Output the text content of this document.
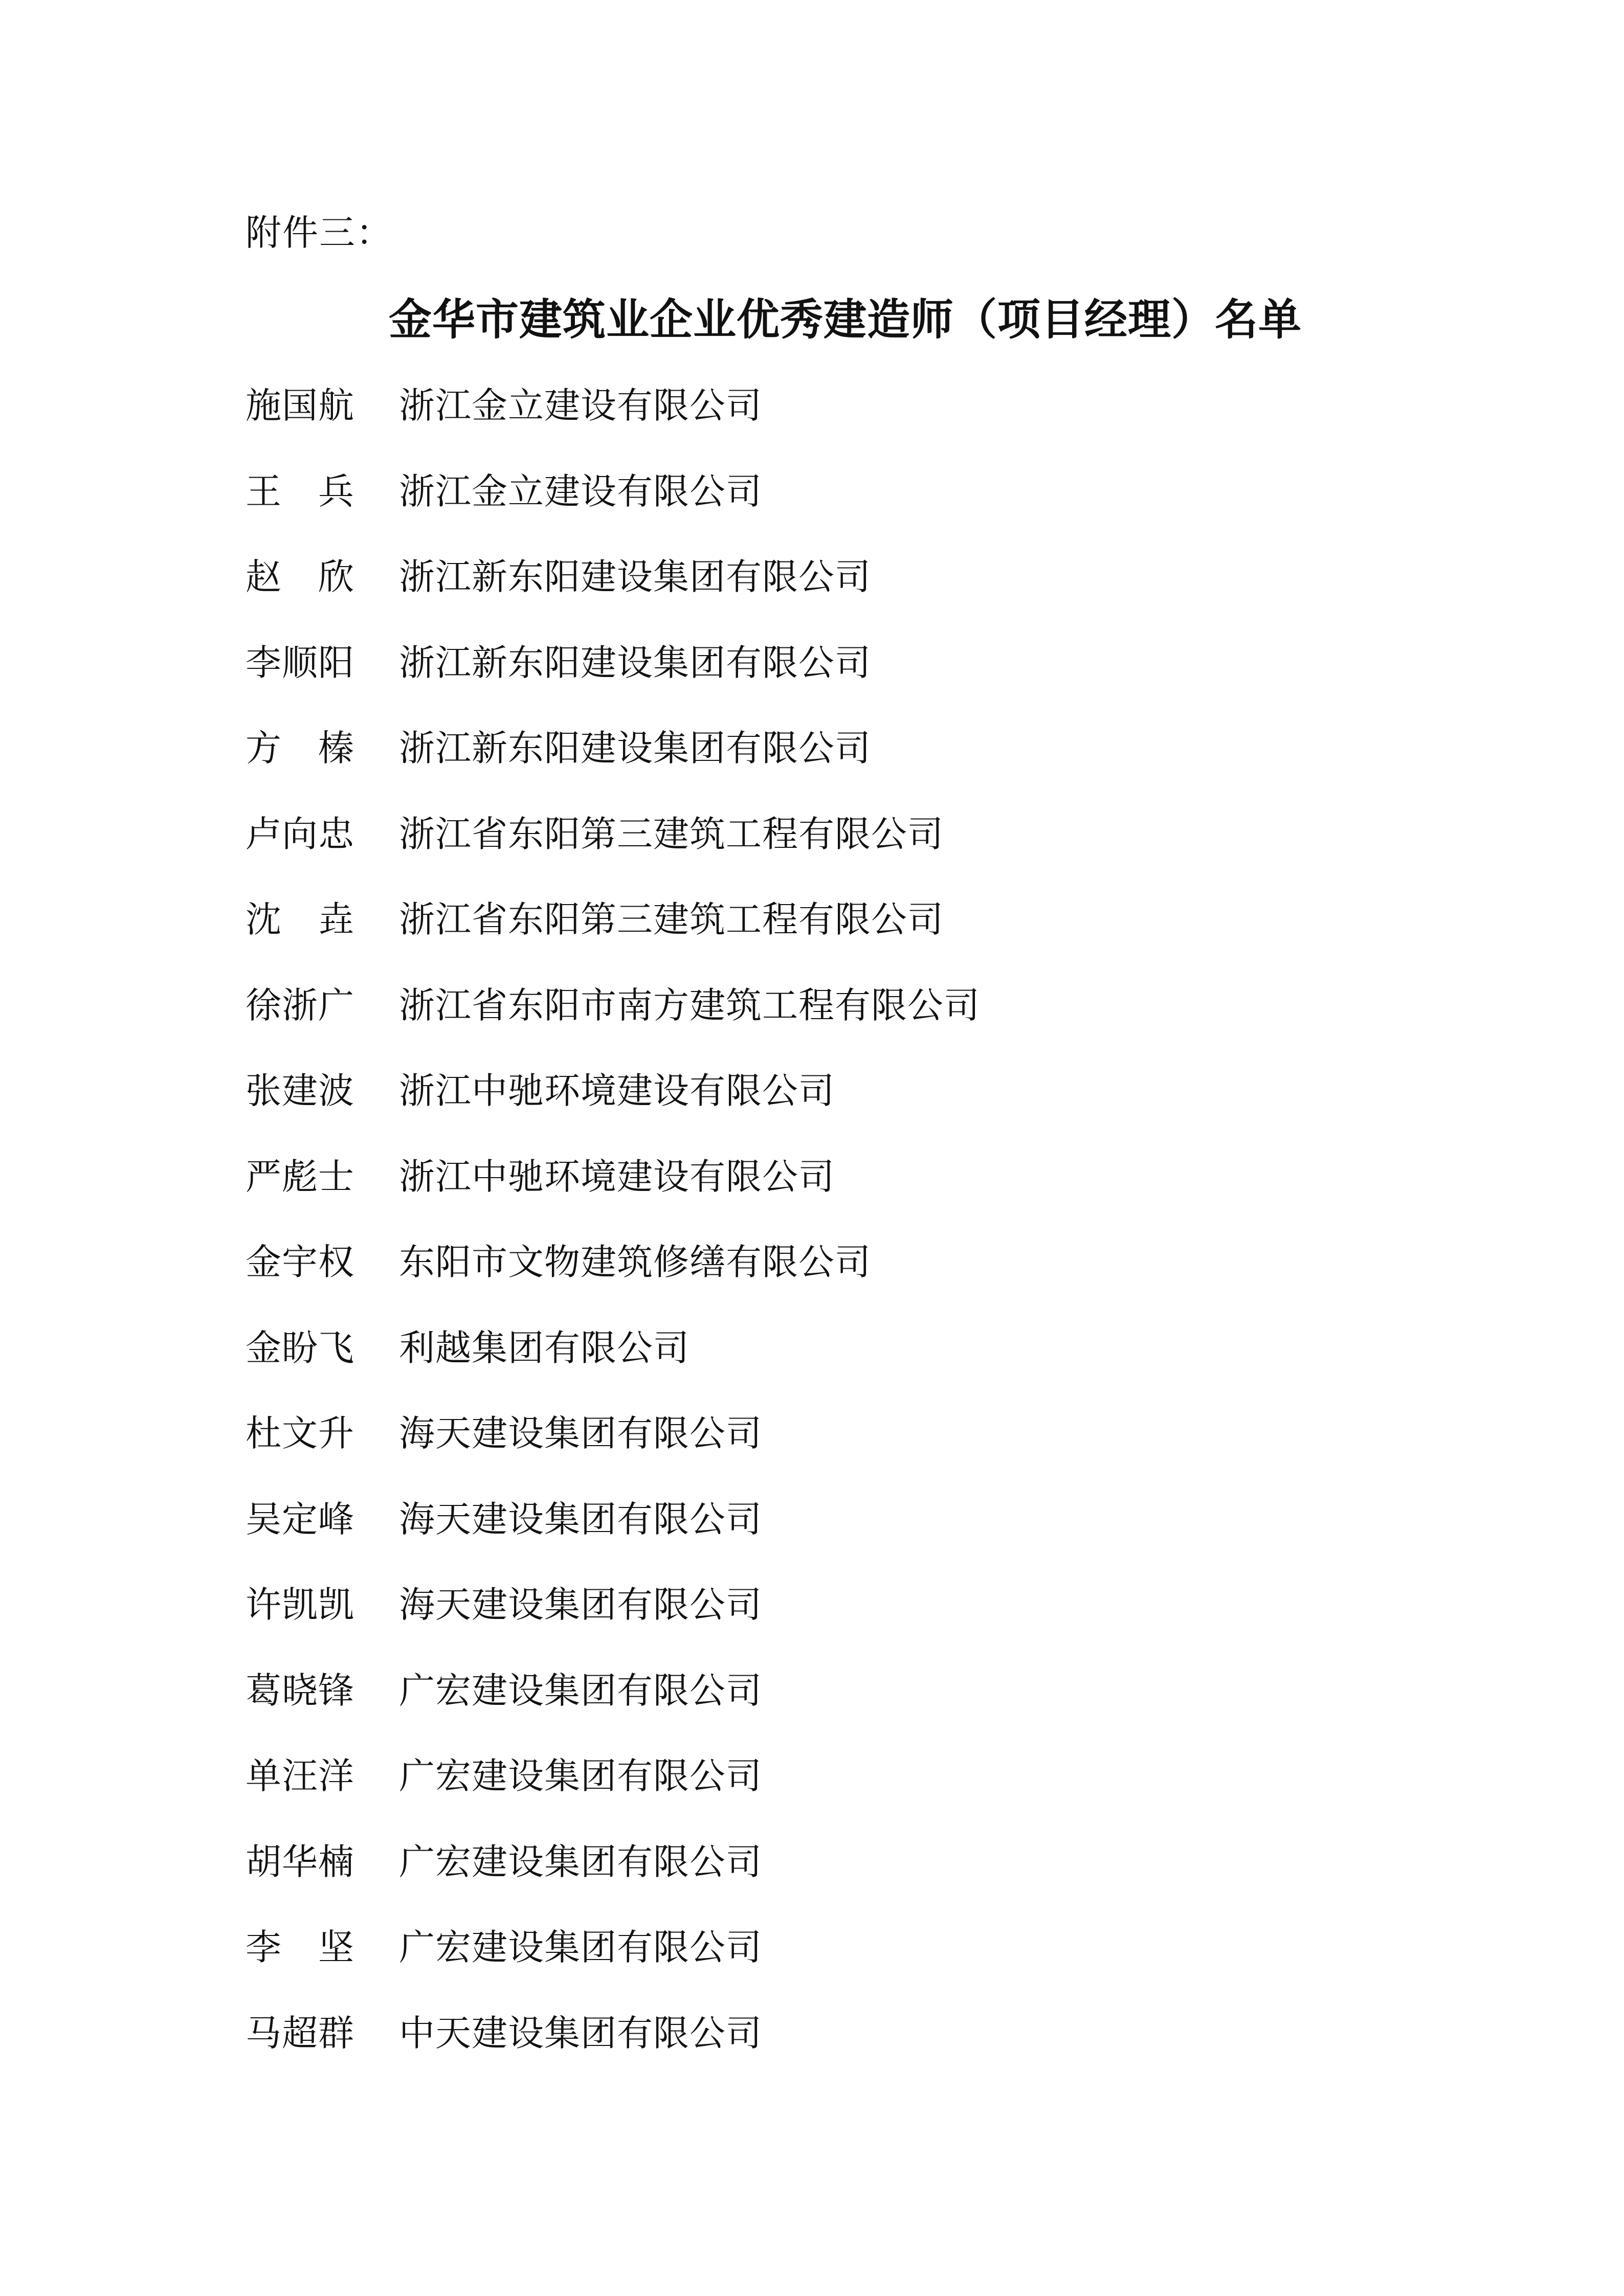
附件三：
金华市建筑业企业优秀建造师（项目经理）名单
施国航	浙江金立建设有限公司
王　兵	浙江金立建设有限公司
赵　欣	浙江新东阳建设集团有限公司
李顺阳	浙江新东阳建设集团有限公司
方　榛	浙江新东阳建设集团有限公司
卢向忠	浙江省东阳第三建筑工程有限公司
沈　垚	浙江省东阳第三建筑工程有限公司
徐浙广	浙江省东阳市南方建筑工程有限公司
张建波	浙江中驰环境建设有限公司
严彪士	浙江中驰环境建设有限公司
金宇权	东阳市文物建筑修缮有限公司
金盼飞	利越集团有限公司
杜文升	海天建设集团有限公司
吴定峰	海天建设集团有限公司
许凯凯	海天建设集团有限公司
葛晓锋	广宏建设集团有限公司
单汪洋	广宏建设集团有限公司
胡华楠	广宏建设集团有限公司
李　坚	广宏建设集团有限公司
马超群	中天建设集团有限公司
